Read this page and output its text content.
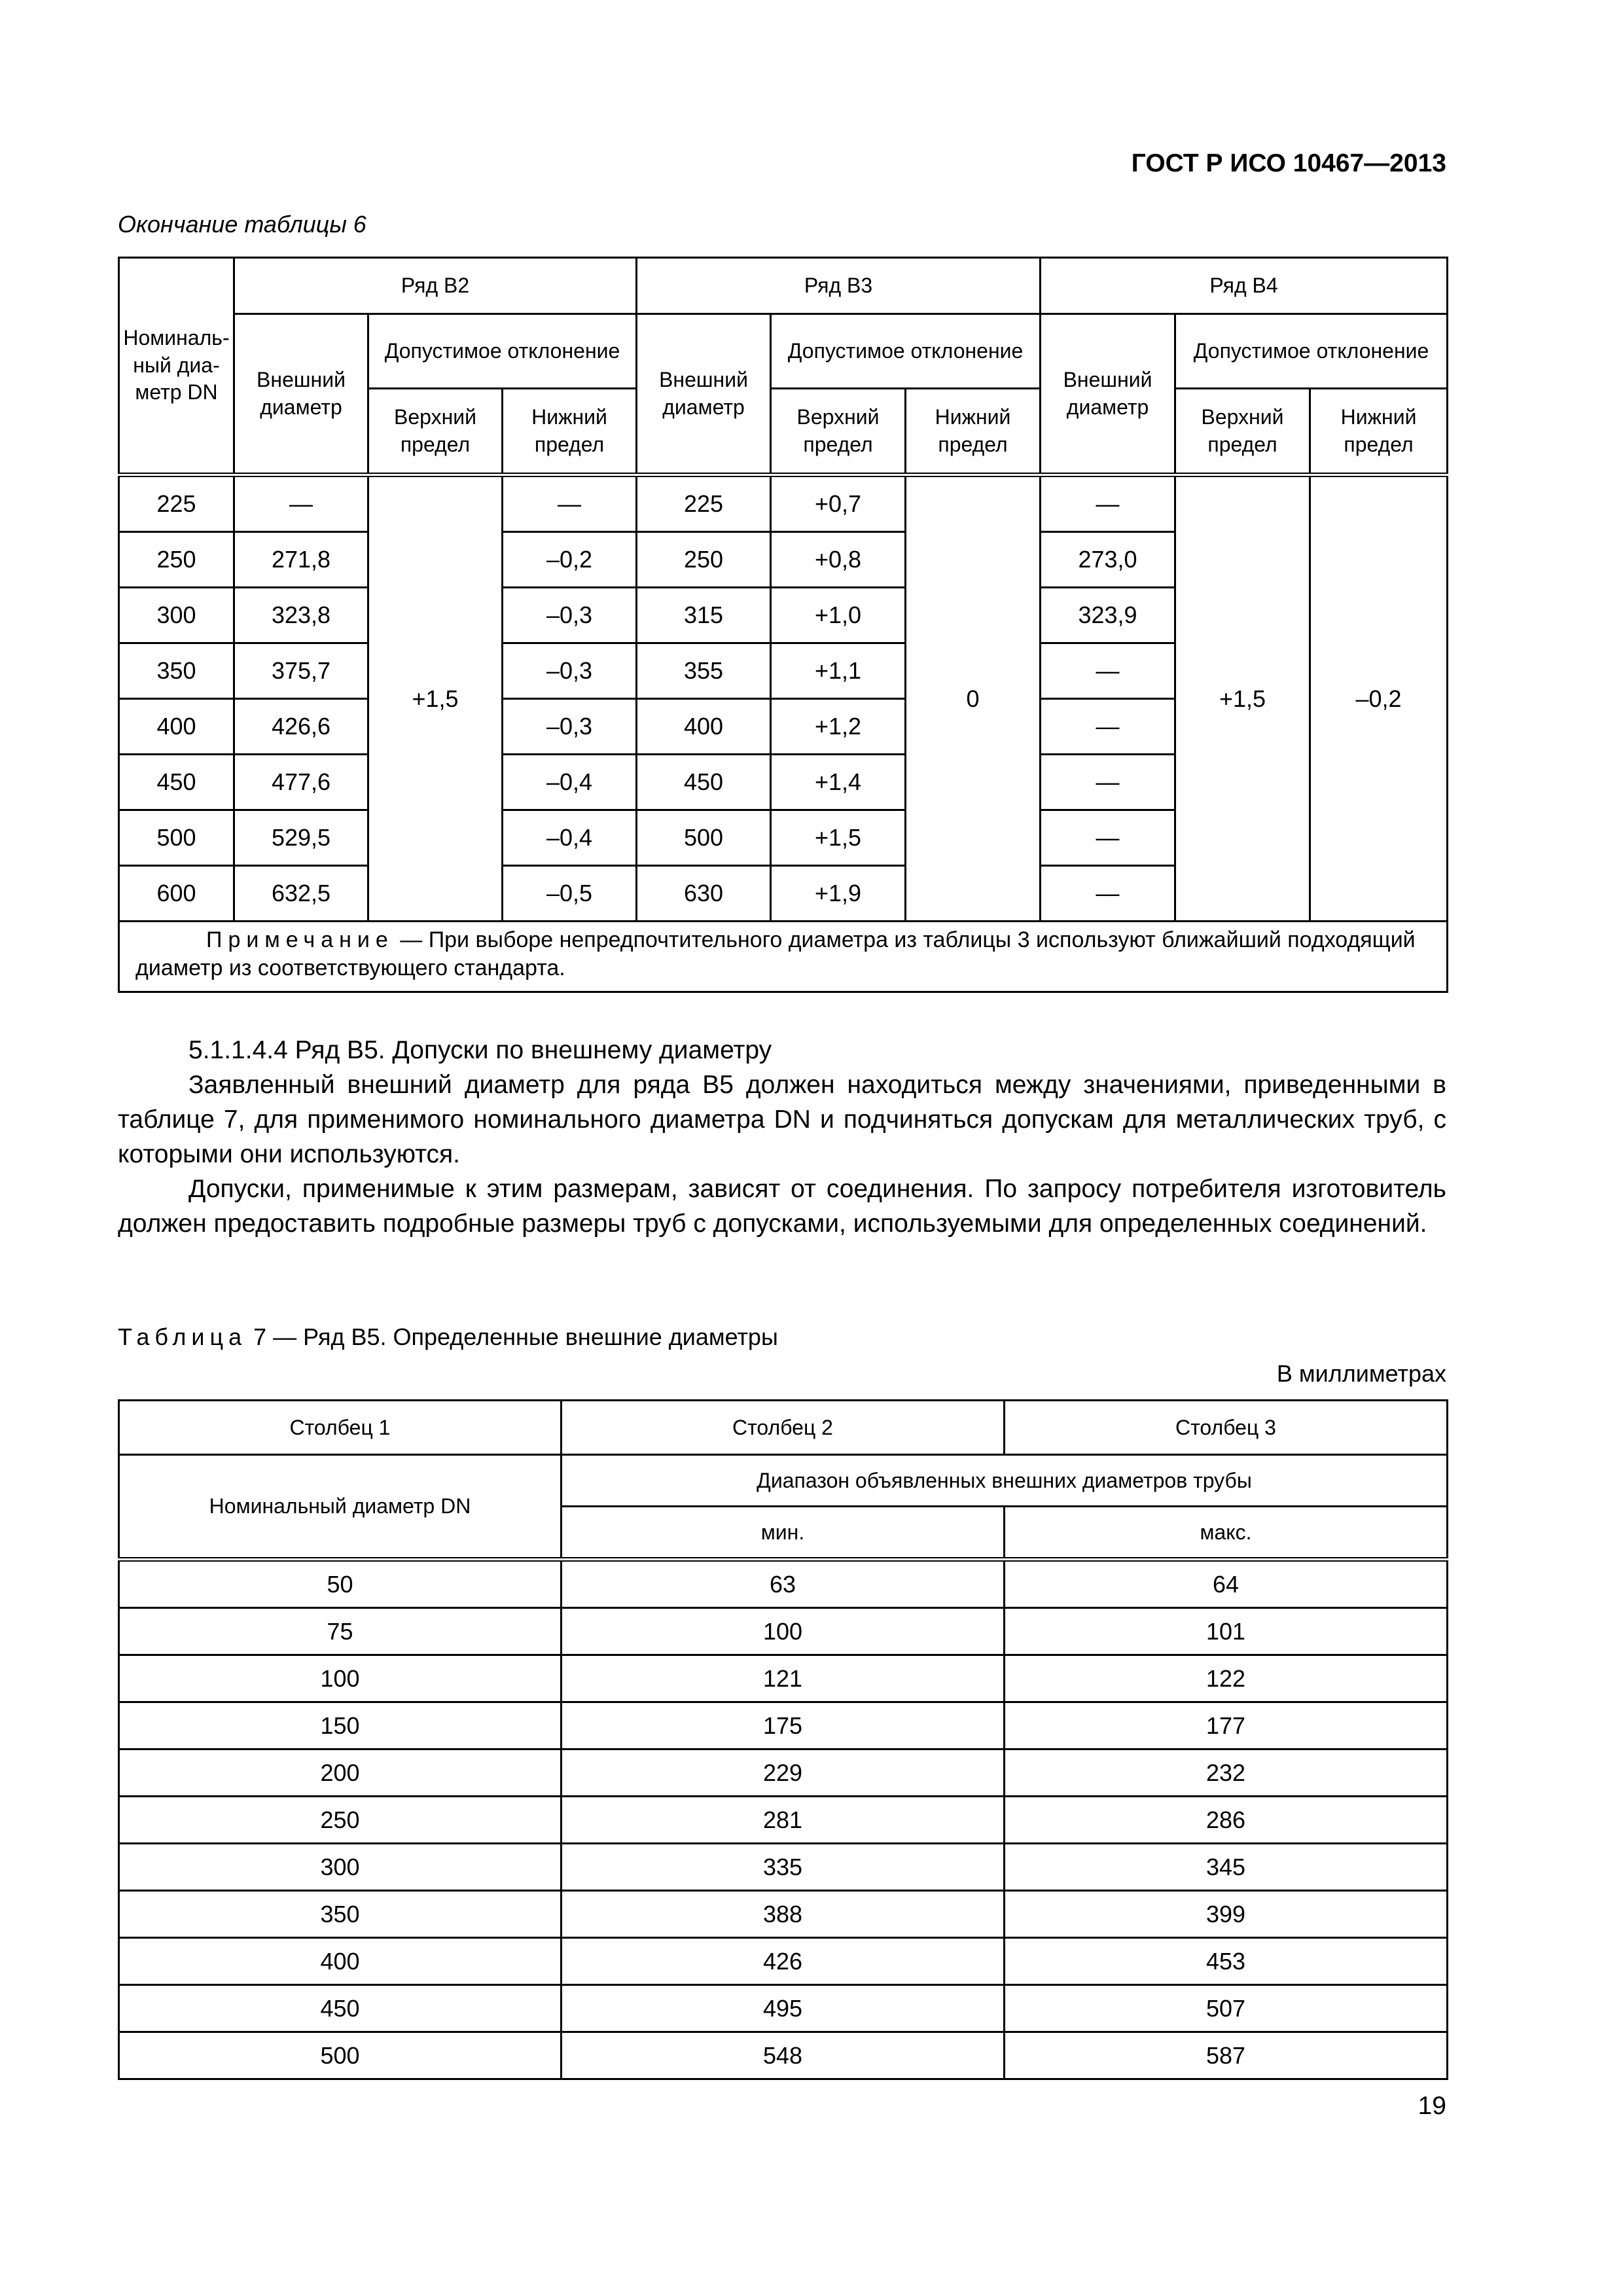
ГОСТ Р ИСО 10467—2013
Окончание таблицы 6
Номиналь-ный диа-метр DN	Ряд B2			Ряд B3			Ряд B4		
	Внешний диаметр	Допустимое отклонение		Внешний диаметр	Допустимое отклонение		Внешний диаметр	Допустимое отклонение	
		Верхний предел	Нижний предел		Верхний предел	Нижний предел		Верхний предел	Нижний предел
225	—	+1,5	—	225	+0,7	0	—	+1,5	–0,2
250	271,8		–0,2	250	+0,8		273,0		
300	323,8		–0,3	315	+1,0		323,9		
350	375,7		–0,3	355	+1,1		—		
400	426,6		–0,3	400	+1,2		—		
450	477,6		–0,4	450	+1,4		—		
500	529,5		–0,4	500	+1,5		—		
600	632,5		–0,5	630	+1,9		—		
Примечание — При выборе непредпочтительного диаметра из таблицы 3 используют ближайший подходящий диаметр из соответствующего стандарта.									

5.1.1.4.4 Ряд B5. Допуски по внешнему диаметру

Заявленный внешний диаметр для ряда B5 должен находиться между значениями, приведенными в таблице 7, для применимого номинального диаметра DN и подчиняться допускам для металлических труб, с которыми они используются.

Допуски, применимые к этим размерам, зависят от соединения. По запросу потребителя изготовитель должен предоставить подробные размеры труб с допусками, используемыми для определенных соединений.

Таблица 7 — Ряд B5. Определенные внешние диаметры
В миллиметрах
Столбец 1	Столбец 2	Столбец 3
Номинальный диаметр DN	Диапазон объявленных внешних диаметров трубы	
	мин.	макс.
50	63	64
75	100	101
100	121	122
150	175	177
200	229	232
250	281	286
300	335	345
350	388	399
400	426	453
450	495	507
500	548	587
19
